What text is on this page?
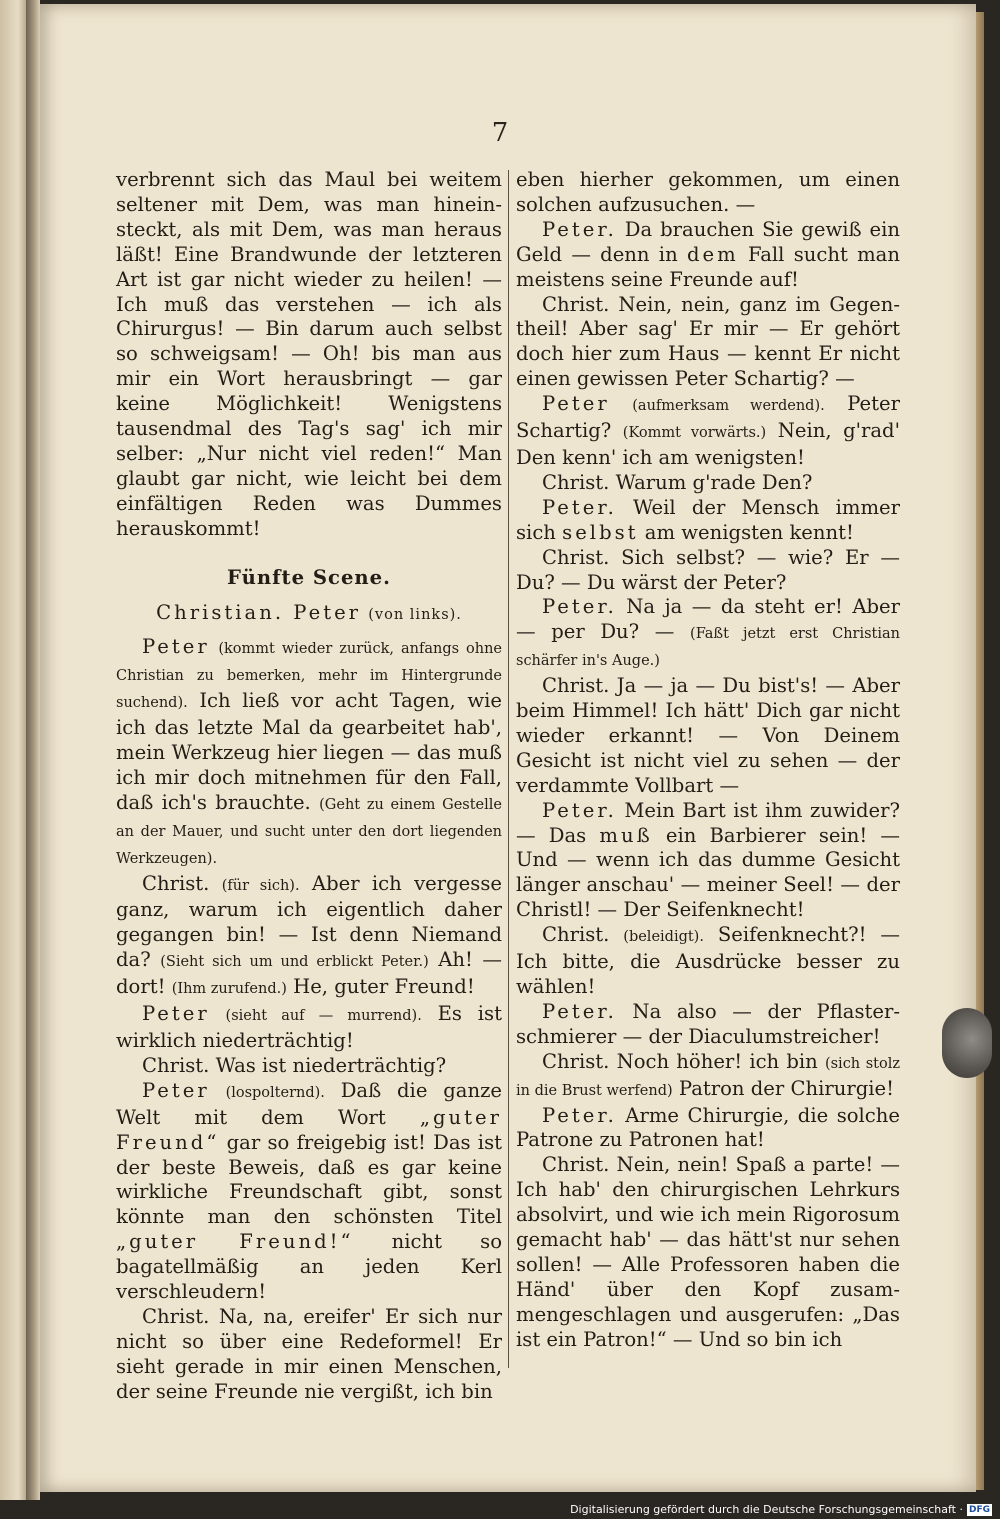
7

verbrennt sich das Maul bei weitem seltener mit Dem, was man hineinsteckt, als mit Dem, was man heraus läßt! Eine Brandwunde der letzteren Art ist gar nicht wieder zu heilen! — Ich muß das verstehen — ich als Chirurgus! — Bin darum auch selbst so schweigsam! — Oh! bis man aus mir ein Wort herausbringt — gar keine Möglichkeit! Wenigstens tausendmal des Tag's sag' ich mir selber: „Nur nicht viel reden!“ Man glaubt gar nicht, wie leicht bei dem einfältigen Reden was Dummes herauskommt!

Fünfte Scene.

Christian. Peter (von links).

Peter (kommt wieder zurück, anfangs ohne Christian zu bemerken, mehr im Hintergrunde suchend). Ich ließ vor acht Tagen, wie ich das letzte Mal da gearbeitet hab', mein Werkzeug hier liegen — das muß ich mir doch mitnehmen für den Fall, daß ich's brauchte. (Geht zu einem Gestelle an der Mauer, und sucht unter den dort liegenden Werkzeugen).

Christ. (für sich). Aber ich vergesse ganz, warum ich eigentlich daher gegangen bin! — Ist denn Niemand da? (Sieht sich um und erblickt Peter.) Ah! — dort! (Ihm zurufend.) He, guter Freund!

Peter (sieht auf — murrend). Es ist wirklich niederträchtig!

Christ. Was ist niederträchtig?

Peter (lospolternd). Daß die ganze Welt mit dem Wort „guter Freund“ gar so freigebig ist! Das ist der beste Beweis, daß es gar keine wirkliche Freundschaft gibt, sonst könnte man den schönsten Titel „guter Freund!“ nicht so bagatellmäßig an jeden Kerl verschleudern!

Christ. Na, na, ereifer' Er sich nur nicht so über eine Redeformel! Er sieht gerade in mir einen Menschen, der seine Freunde nie vergißt, ich bin

eben hierher gekommen, um einen solchen aufzusuchen. —

Peter. Da brauchen Sie gewiß ein Geld — denn in dem Fall sucht man meistens seine Freunde auf!

Christ. Nein, nein, ganz im Gegentheil! Aber sag' Er mir — Er gehört doch hier zum Haus — kennt Er nicht einen gewissen Peter Schartig? —

Peter (aufmerksam werdend). Peter Schartig? (Kommt vorwärts.) Nein, g'rad' Den kenn' ich am wenigsten!

Christ. Warum g'rade Den?

Peter. Weil der Mensch immer sich selbst am wenigsten kennt!

Christ. Sich selbst? — wie? Er — Du? — Du wärst der Peter?

Peter. Na ja — da steht er! Aber — per Du? — (Faßt jetzt erst Christian schärfer in's Auge.)

Christ. Ja — ja — Du bist's! — Aber beim Himmel! Ich hätt' Dich gar nicht wieder erkannt! — Von Deinem Gesicht ist nicht viel zu sehen — der verdammte Vollbart —

Peter. Mein Bart ist ihm zuwider? — Das muß ein Barbierer sein! — Und — wenn ich das dumme Gesicht länger anschau' — meiner Seel! — der Christl! — Der Seifenknecht!

Christ. (beleidigt). Seifenknecht?! — Ich bitte, die Ausdrücke besser zu wählen!

Peter. Na also — der Pflasterschmierer — der Diaculumstreicher!

Christ. Noch höher! ich bin (sich stolz in die Brust werfend) Patron der Chirurgie!

Peter. Arme Chirurgie, die solche Patrone zu Patronen hat!

Christ. Nein, nein! Spaß a parte! — Ich hab' den chirurgischen Lehrkurs absolvirt, und wie ich mein Rigorosum gemacht hab' — das hätt'st nur sehen sollen! — Alle Professoren haben die Händ' über den Kopf zusammengeschlagen und ausgerufen: „Das ist ein Patron!“ — Und so bin ich

Digitalisierung gefördert durch die Deutsche Forschungsgemeinschaft · DFG
